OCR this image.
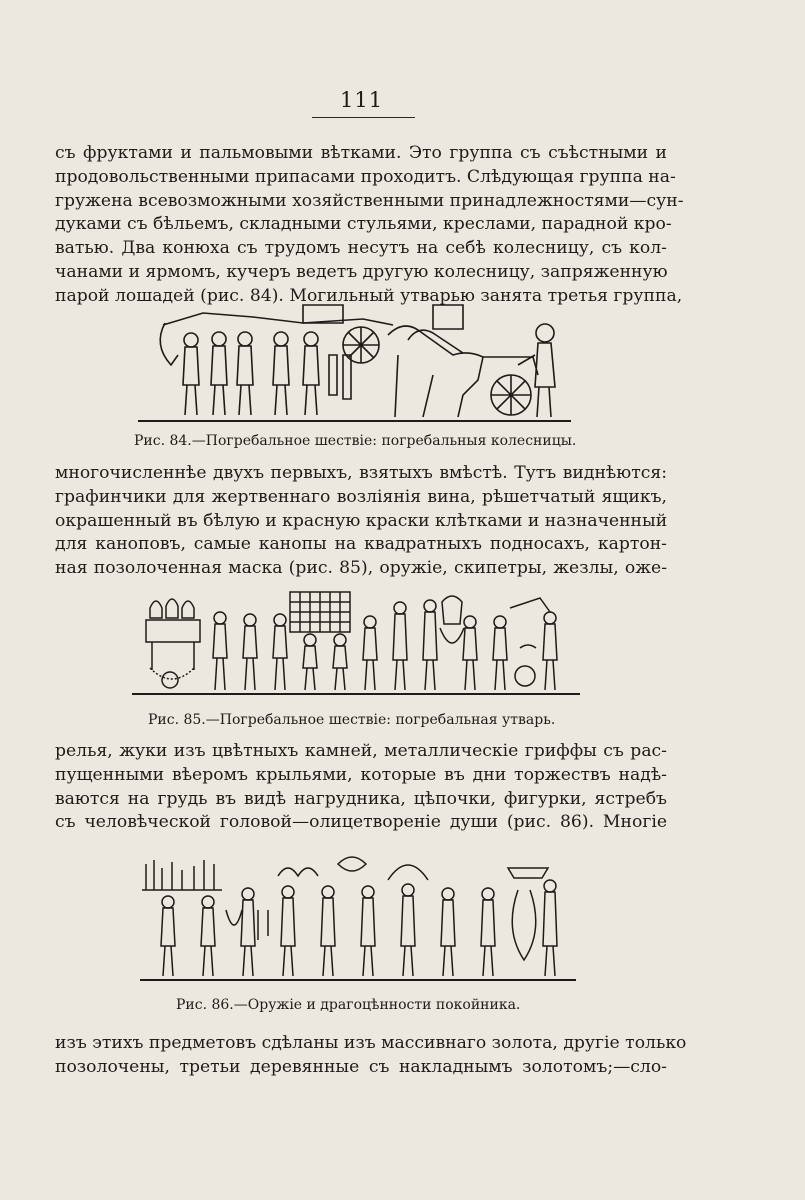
111
съ фруктами и пальмовыми вѣтками. Это группа съ съѣстными и
продовольственными припасами проходитъ. Слѣдующая группа на-
гружена всевозможными хозяйственными принадлежностями—сун-
дуками съ бѣльемъ, складными стульями, креслами, парадной кро-
ватью. Два конюха съ трудомъ несутъ на себѣ колесницу, съ кол-
чанами и ярмомъ, кучеръ ведетъ другую колесницу, запряженную
парой лошадей (рис. 84). Могильный утварью занята третья группа,
Рис. 84.—Погребальное шествіе: погребальныя колесницы.
многочисленнѣе двухъ первыхъ, взятыхъ вмѣстѣ. Тутъ виднѣются:
графинчики для жертвеннаго возліянія вина, рѣшетчатый ящикъ,
окрашенный въ бѣлую и красную краски клѣтками и назначенный
для каноповъ, самые канопы на квадратныхъ подносахъ, картон-
ная позолоченная маска (рис. 85), оружіе, скипетры, жезлы, оже-
Рис. 85.—Погребальное шествіе: погребальная утварь.
релья, жуки изъ цвѣтныхъ камней, металлическіе гриффы съ рас-
пущенными вѣеромъ крыльями, которые въ дни торжествъ надѣ-
ваются на грудь въ видѣ нагрудника, цѣпочки, фигурки, ястребъ
съ человѣческой головой—олицетвореніе души (рис. 86). Многіе
Рис. 86.—Оружіе и драгоцѣнности покойника.
изъ этихъ предметовъ сдѣланы изъ массивнаго золота, другіе только
позолочены, третьи деревянные съ накладнымъ золотомъ;—сло-
